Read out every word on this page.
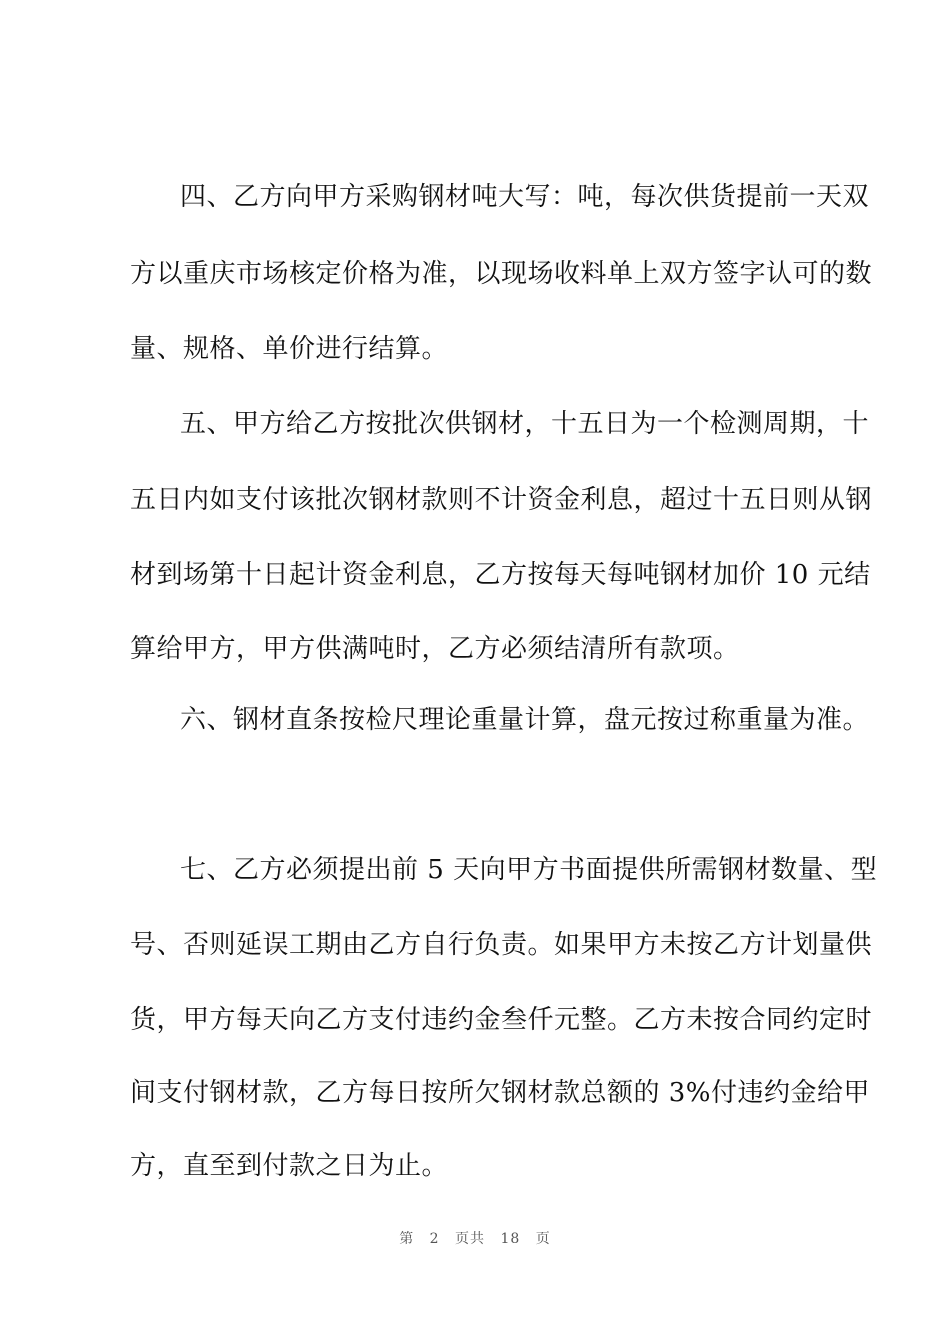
四、乙方向甲方采购钢材吨大写：吨，每次供货提前一天双
方以重庆市场核定价格为准，以现场收料单上双方签字认可的数
量、规格、单价进行结算。
五、甲方给乙方按批次供钢材，十五日为一个检测周期，十
五日内如支付该批次钢材款则不计资金利息，超过十五日则从钢
材到场第十日起计资金利息，乙方按每天每吨钢材加价 10 元结
算给甲方，甲方供满吨时，乙方必须结清所有款项。
六、钢材直条按检尺理论重量计算，盘元按过称重量为准。
七、乙方必须提出前 5 天向甲方书面提供所需钢材数量、型
号、否则延误工期由乙方自行负责。如果甲方未按乙方计划量供
货，甲方每天向乙方支付违约金叁仟元整。乙方未按合同约定时
间支付钢材款，乙方每日按所欠钢材款总额的 3%付违约金给甲
方，直至到付款之日为止。
第 2 页共 18 页
